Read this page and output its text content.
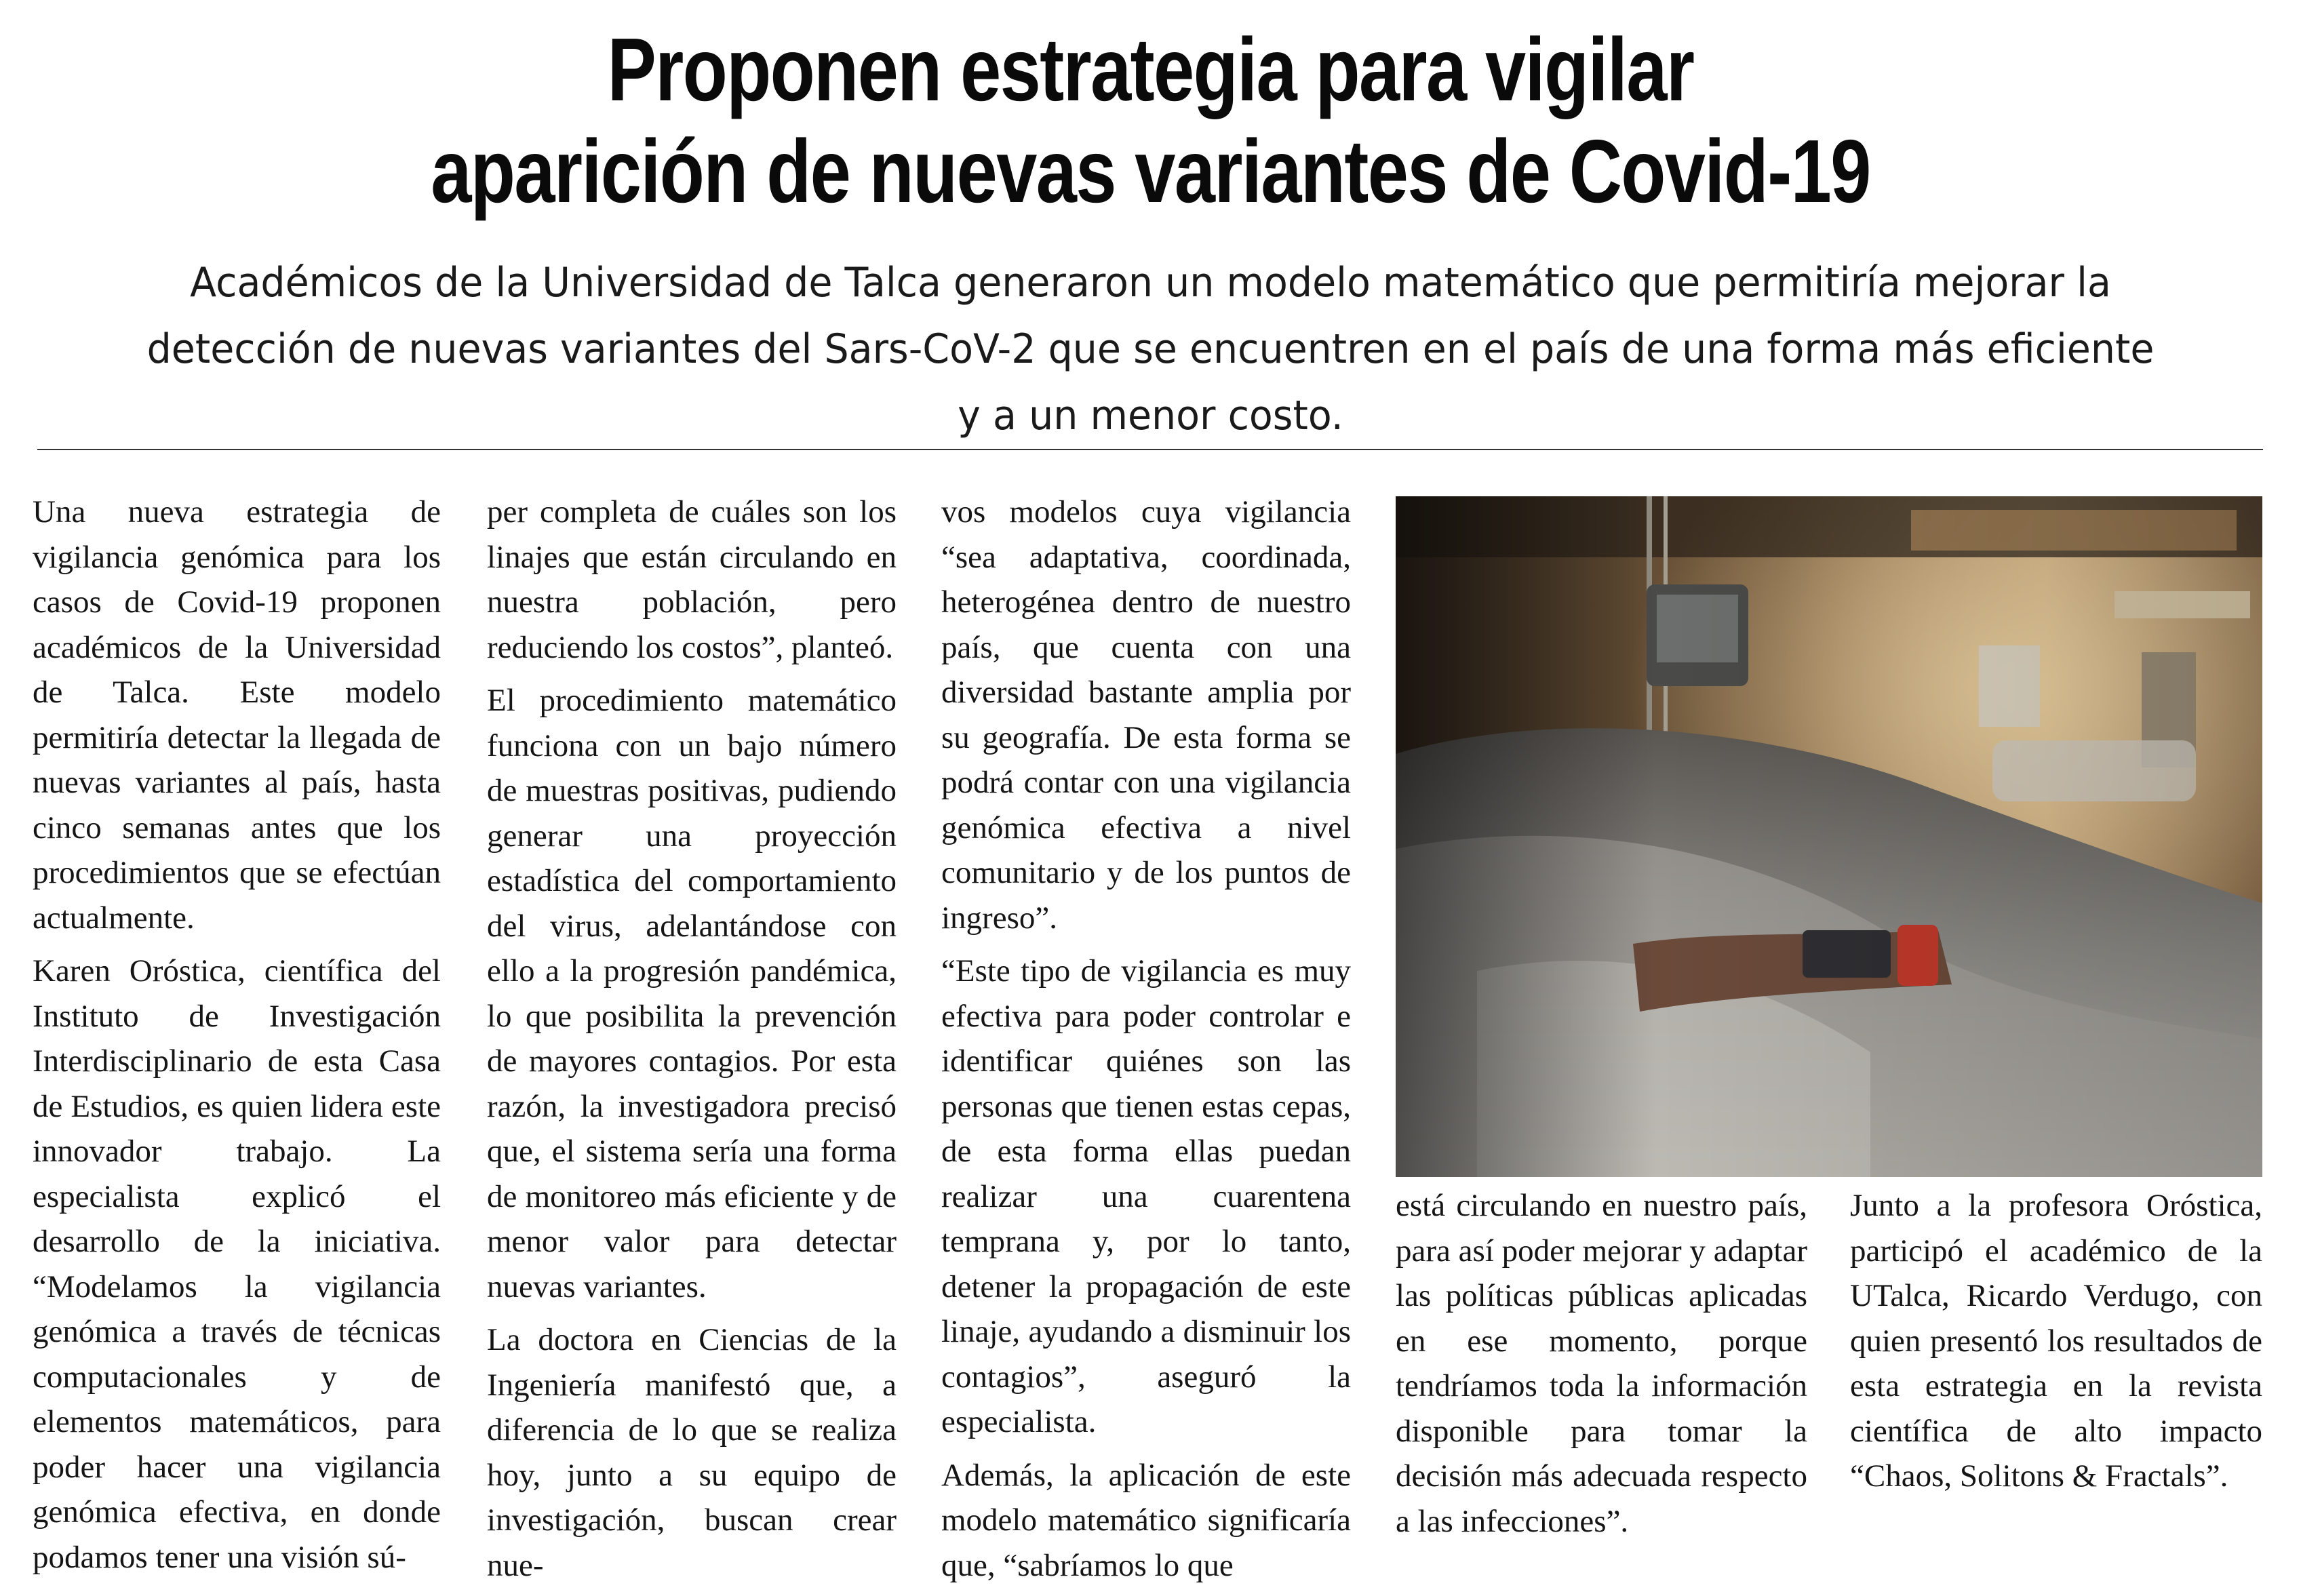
Proponen estrategia para vigilar
aparición de nuevas variantes de Covid-19
Académicos de la Universidad de Talca generaron un modelo matemático que permitiría mejorar la
detección de nuevas variantes del Sars-CoV-2 que se encuentren en el país de una forma más eficiente
y a un menor costo.

Una nueva estrategia de vigilancia genómica para los casos de Covid-19 proponen académicos de la Universidad de Talca. Este modelo permitiría detectar la llegada de nuevas variantes al país, hasta cinco semanas antes que los procedimientos que se efectúan actualmente.

Karen Oróstica, científica del Instituto de Investigación Interdisciplinario de esta Casa de Estudios, es quien lidera este innovador trabajo. La especialista explicó el desarrollo de la iniciativa. “Modelamos la vigilancia genómica a través de técnicas computacionales y de elementos matemáticos, para poder hacer una vigilancia genómica efectiva, en donde podamos tener una visión sú-

per completa de cuáles son los linajes que están circulando en nuestra población, pero reduciendo los costos”, planteó.

El procedimiento matemático funciona con un bajo número de muestras positivas, pudiendo generar una proyección estadística del comportamiento del virus, adelantándose con ello a la progresión pandémica, lo que posibilita la prevención de mayores contagios. Por esta razón, la investigadora precisó que, el sistema sería una forma de monitoreo más eficiente y de menor valor para detectar nuevas variantes.

La doctora en Ciencias de la Ingeniería manifestó que, a diferencia de lo que se realiza hoy, junto a su equipo de investigación, buscan crear nue-

vos modelos cuya vigilancia “sea adaptativa, coordinada, heterogénea dentro de nuestro país, que cuenta con una diversidad bastante amplia por su geografía. De esta forma se podrá contar con una vigilancia genómica efectiva a nivel comunitario y de los puntos de ingreso”.

“Este tipo de vigilancia es muy efectiva para poder controlar e identificar quiénes son las personas que tienen estas cepas, de esta forma ellas puedan realizar una cuarentena temprana y, por lo tanto, detener la propagación de este linaje, ayudando a disminuir los contagios”, aseguró la especialista.

Además, la aplicación de este modelo matemático significaría que, “sabríamos lo que

está circulando en nuestro país, para así poder mejorar y adaptar las políticas públicas aplicadas en ese momento, porque tendríamos toda la información disponible para tomar la decisión más adecuada respecto a las infecciones”.

Junto a la profesora Oróstica, participó el académico de la UTalca, Ricardo Verdugo, con quien presentó los resultados de esta estrategia en la revista científica de alto impacto “Chaos, Solitons & Fractals”.
